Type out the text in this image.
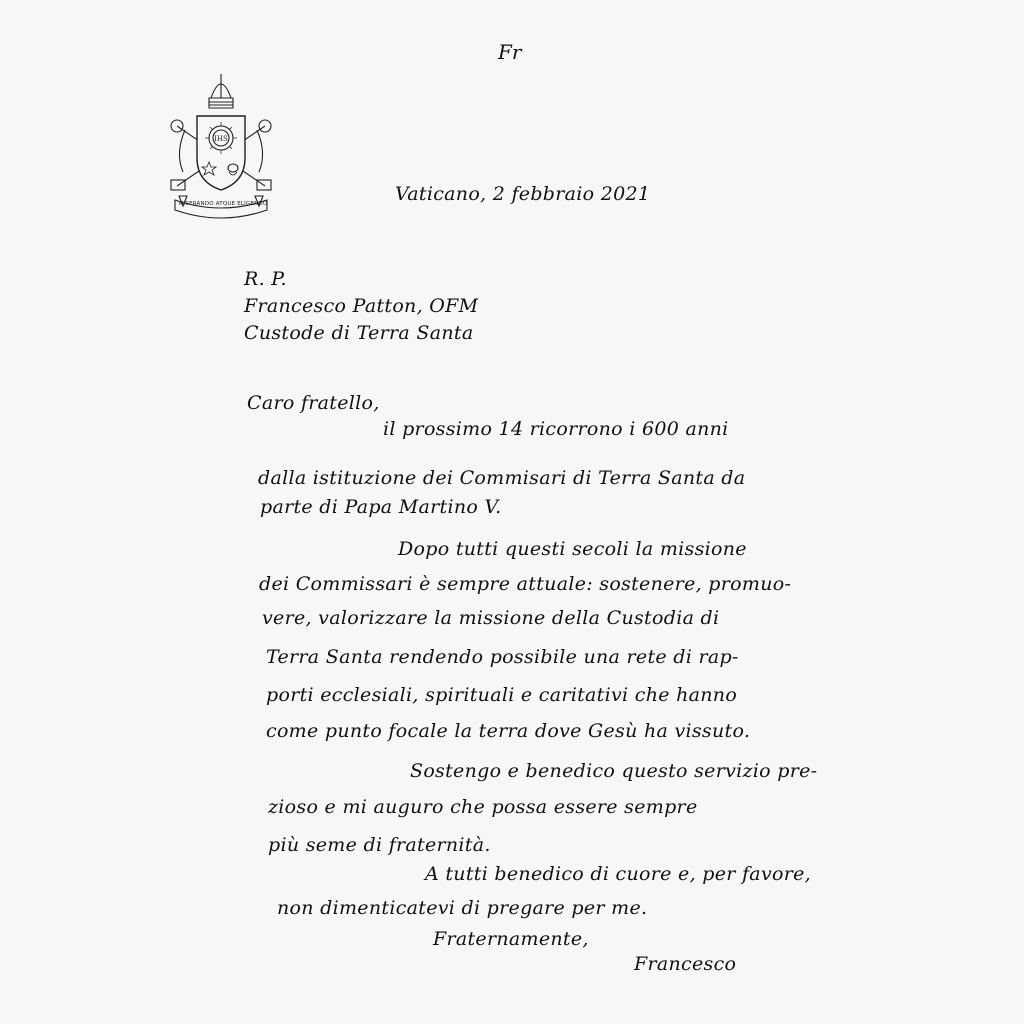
Fr
IHS
MISERANDO ATQUE ELIGENDO	Vaticano, 2 febbraio 2021
R. P.
Francesco Patton, OFM
Custode di Terra Santa
Caro fratello,
il prossimo 14 ricorrono i 600 anni
dalla istituzione dei Commisari di Terra Santa da
parte di Papa Martino V.
Dopo tutti questi secoli la missione
dei Commissari è sempre attuale: sostenere, promuo-
vere, valorizzare la missione della Custodia di
Terra Santa rendendo possibile una rete di rap-
porti ecclesiali, spirituali e caritativi che hanno
come punto focale la terra dove Gesù ha vissuto.
Sostengo e benedico questo servizio pre-
zioso e mi auguro che possa essere sempre
più seme di fraternità.
A tutti benedico di cuore e, per favore,
non dimenticatevi di pregare per me.
Fraternamente,
Francesco
